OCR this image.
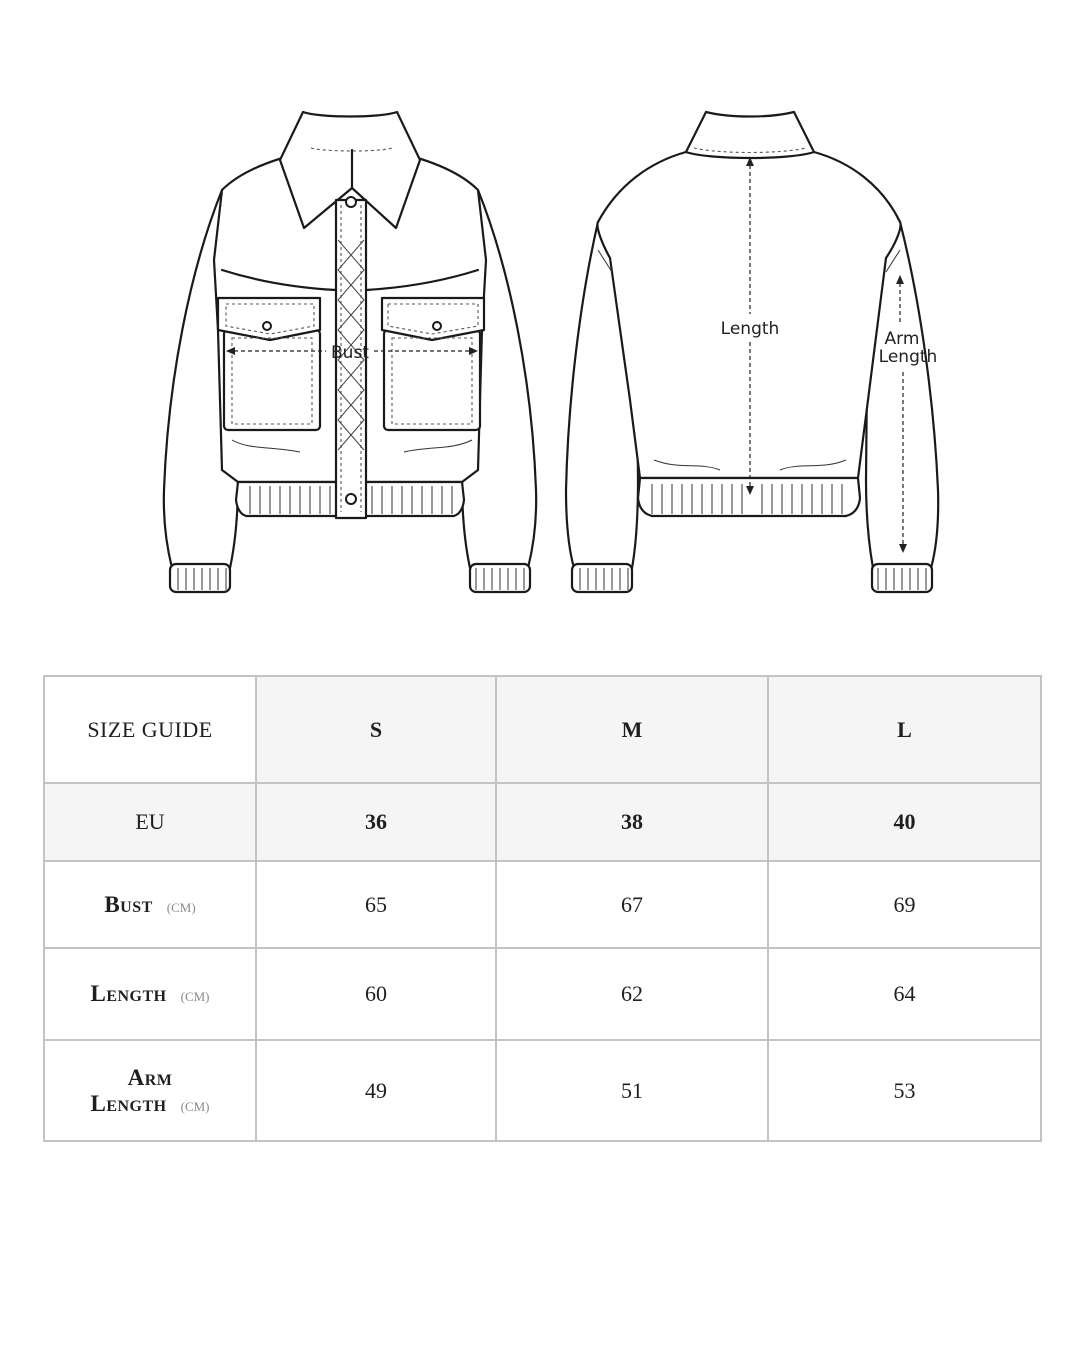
Bust
Length	Arm
Length
SIZE GUIDE	S	M	L
EU	36	38	40
Bust (CM)	65	67	69
Length (CM)	60	62	64
Arm
Length (CM)	49	51	53
